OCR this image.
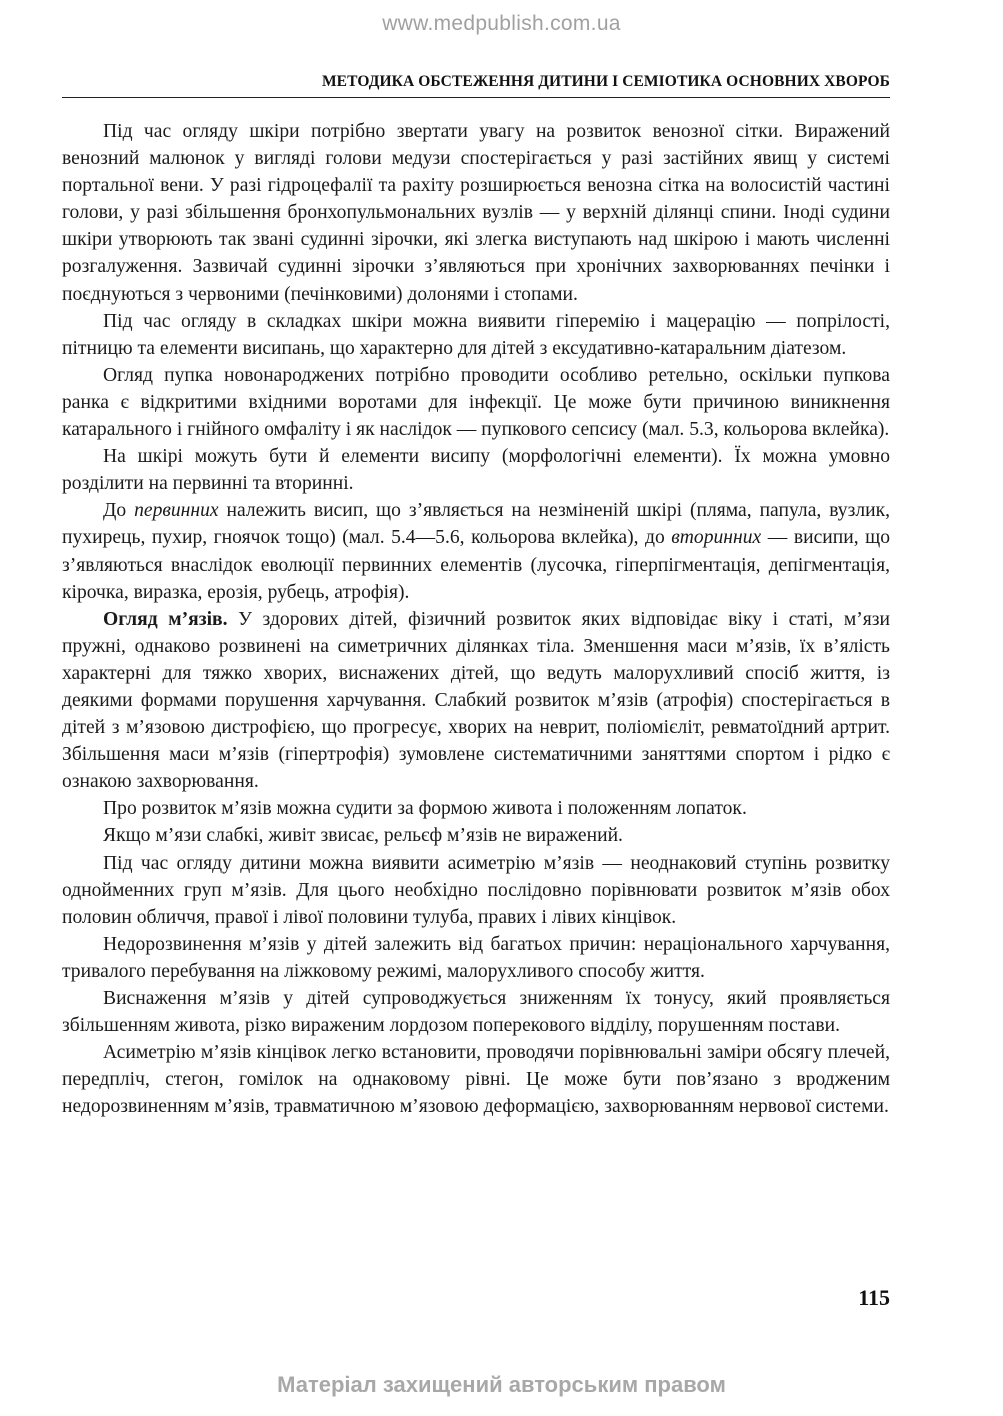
www.medpublish.com.ua
МЕТОДИКА ОБСТЕЖЕННЯ ДИТИНИ І СЕМІОТИКА ОСНОВНИХ ХВОРОБ

Під час огляду шкіри потрібно звертати увагу на розвиток венозної сітки. Виражений венозний малюнок у вигляді голови медузи спостерігається у разі застійних явищ у системі портальної вени. У разі гідроцефалії та рахіту розширюється венозна сітка на волосистій частині голови, у разі збільшення бронхопульмональних вузлів — у верхній ділянці спини. Іноді судини шкіри утворюють так звані судинні зірочки, які злегка виступають над шкірою і мають численні розгалуження. Зазвичай судинні зірочки з’являються при хронічних захворюваннях печінки і поєднуються з червоними (печінковими) долонями і стопами.

Під час огляду в складках шкіри можна виявити гіперемію і мацерацію — попрілості, пітницю та елементи висипань, що характерно для дітей з ексудативно-катаральним діатезом.

Огляд пупка новонароджених потрібно проводити особливо ретельно, оскільки пупкова ранка є відкритими вхідними воротами для інфекції. Це може бути причиною виникнення катарального і гнійного омфаліту і як наслідок — пупкового сепсису (мал. 5.3, кольорова вклейка).

На шкірі можуть бути й елементи висипу (морфологічні елементи). Їх можна умовно розділити на первинні та вторинні.

До первинних належить висип, що з’являється на незміненій шкірі (пляма, папула, вузлик, пухирець, пухир, гноячок тощо) (мал. 5.4—5.6, кольорова вклейка), до вторинних — висипи, що з’являються внаслідок еволюції первинних елементів (лусочка, гіперпігментація, депігментація, кірочка, виразка, ерозія, рубець, атрофія).

Огляд м’язів. У здорових дітей, фізичний розвиток яких відповідає віку і статі, м’язи пружні, однаково розвинені на симетричних ділянках тіла. Зменшення маси м’язів, їх в’ялість характерні для тяжко хворих, виснажених дітей, що ведуть малорухливий спосіб життя, із деякими формами порушення харчування. Слабкий розвиток м’язів (атрофія) спостерігається в дітей з м’язовою дистрофією, що прогресує, хворих на неврит, поліомієліт, ревматоїдний артрит. Збільшення маси м’язів (гіпертрофія) зумовлене систематичними заняттями спортом і рідко є ознакою захворювання.

Про розвиток м’язів можна судити за формою живота і положенням лопаток.

Якщо м’язи слабкі, живіт звисає, рельєф м’язів не виражений.

Під час огляду дитини можна виявити асиметрію м’язів — неоднаковий ступінь розвитку однойменних груп м’язів. Для цього необхідно послідовно порівнювати розвиток м’язів обох половин обличчя, правої і лівої половини тулуба, правих і лівих кінцівок.

Недорозвинення м’язів у дітей залежить від багатьох причин: нераціонального харчування, тривалого перебування на ліжковому режимі, малорухливого способу життя.

Виснаження м’язів у дітей супроводжується зниженням їх тонусу, який проявляється збільшенням живота, різко вираженим лордозом поперекового відділу, порушенням постави.

Асиметрію м’язів кінцівок легко встановити, проводячи порівнювальні заміри обсягу плечей, передпліч, стегон, гомілок на однаковому рівні. Це може бути пов’язано з вродженим недорозвиненням м’язів, травматичною м’язовою деформацією, захворюванням нервової системи.

115
Матеріал захищений авторським правом
